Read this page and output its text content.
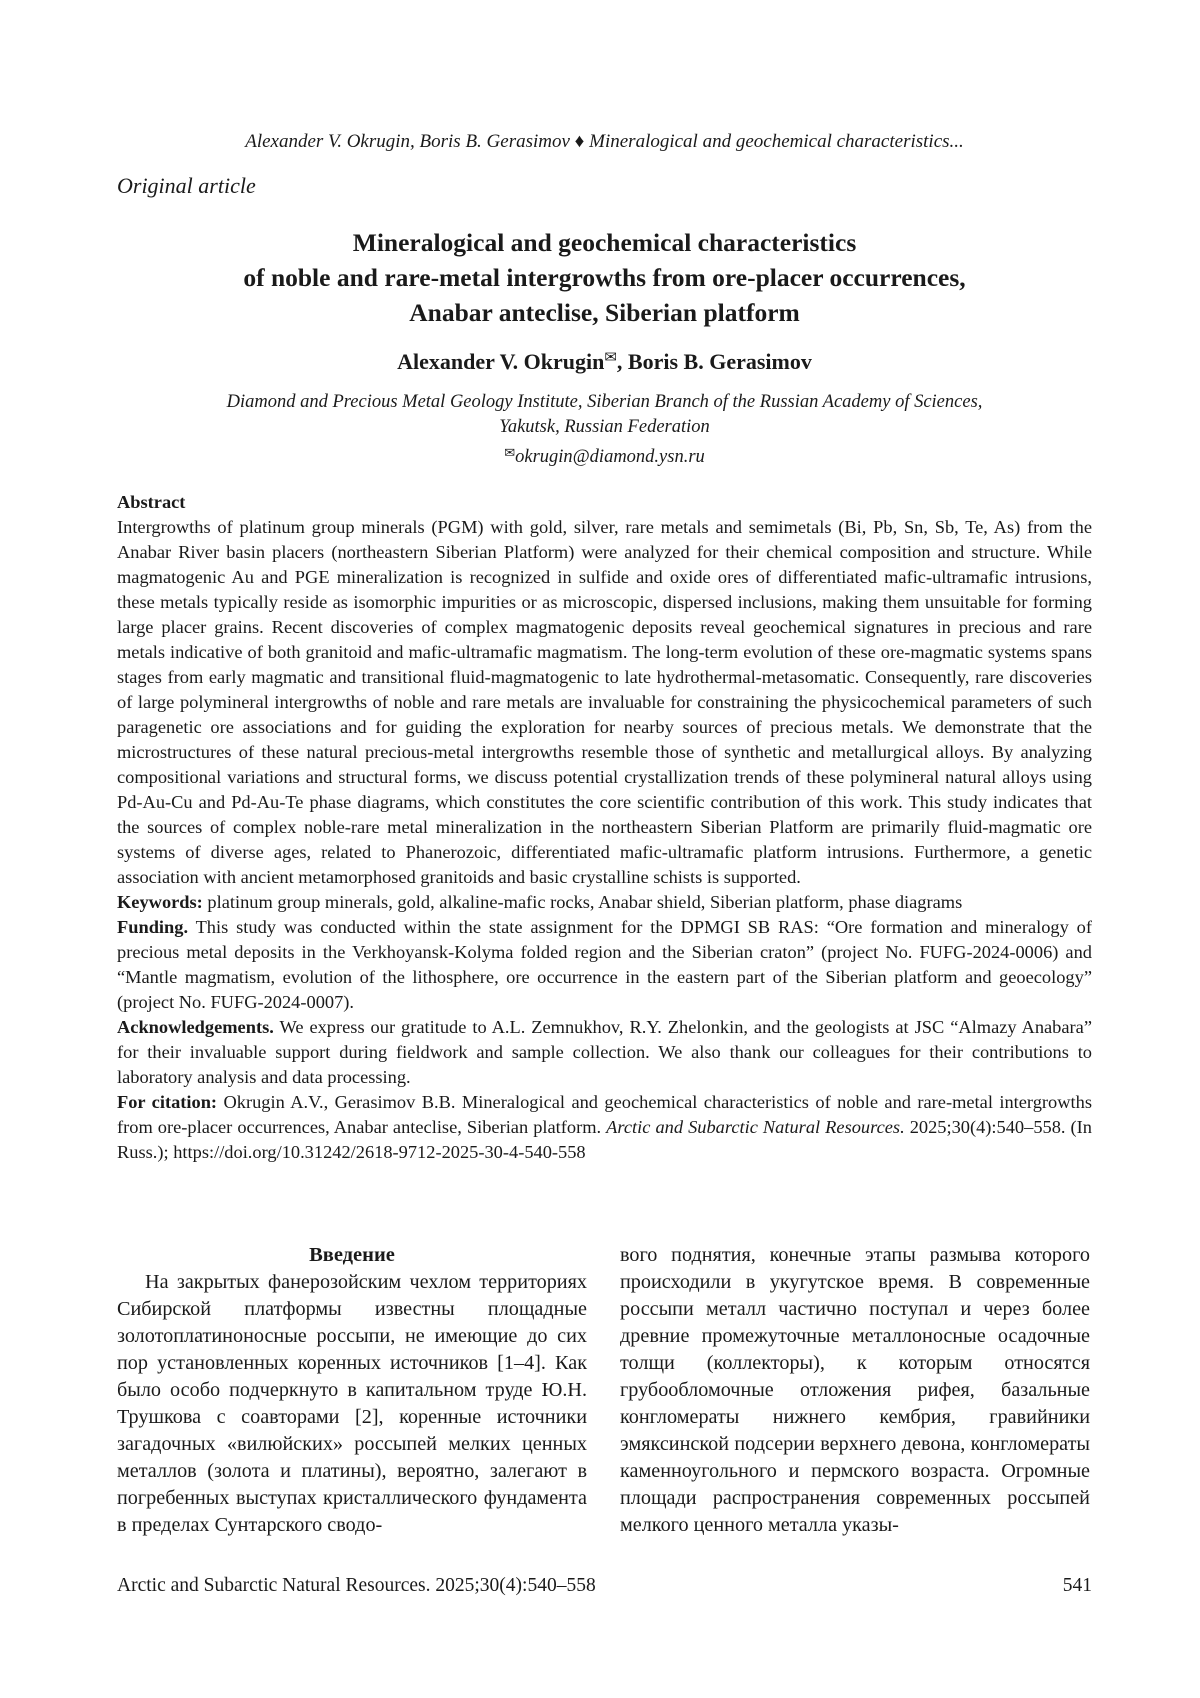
Alexander V. Okrugin, Boris B. Gerasimov ♦ Mineralogical and geochemical characteristics...
Original article
Mineralogical and geochemical characteristics
of noble and rare-metal intergrowths from ore-placer occurrences,
Anabar anteclise, Siberian platform
Alexander V. Okrugin✉, Boris B. Gerasimov
Diamond and Precious Metal Geology Institute, Siberian Branch of the Russian Academy of Sciences,
Yakutsk, Russian Federation
✉okrugin@diamond.ysn.ru

Abstract

Intergrowths of platinum group minerals (PGM) with gold, silver, rare metals and semimetals (Bi, Pb, Sn, Sb, Te, As) from the Anabar River basin placers (northeastern Siberian Platform) were analyzed for their chemical composition and structure. While magmatogenic Au and PGE mineralization is recognized in sulfide and oxide ores of differentiated mafic-ultramafic intrusions, these metals typically reside as isomorphic impurities or as microscopic, dispersed inclusions, making them unsuitable for forming large placer grains. Recent discoveries of complex magmatogenic deposits reveal geochemical signatures in precious and rare metals indicative of both granitoid and mafic-ultramafic magmatism. The long-term evolution of these ore-magmatic systems spans stages from early magmatic and transitional fluid-magmatogenic to late hydrothermal-metasomatic. Consequently, rare discoveries of large polymineral intergrowths of noble and rare metals are invaluable for constraining the physicochemical parameters of such paragenetic ore associations and for guiding the exploration for nearby sources of precious metals. We demonstrate that the microstructures of these natural precious-metal intergrowths resemble those of synthetic and metallurgical alloys. By analyzing compositional variations and structural forms, we discuss potential crystallization trends of these polymineral natural alloys using Pd-Au-Cu and Pd-Au-Te phase diagrams, which constitutes the core scientific contribution of this work. This study indicates that the sources of complex noble-rare metal mineralization in the northeastern Siberian Platform are primarily fluid-magmatic ore systems of diverse ages, related to Phanerozoic, differentiated mafic-ultramafic platform intrusions. Furthermore, a genetic association with ancient metamorphosed granitoids and basic crystalline schists is supported.

Keywords: platinum group minerals, gold, alkaline-mafic rocks, Anabar shield, Siberian platform, phase diagrams

Funding. This study was conducted within the state assignment for the DPMGI SB RAS: “Ore formation and mineralogy of precious metal deposits in the Verkhoyansk-Kolyma folded region and the Siberian craton” (project No. FUFG-2024-0006) and “Mantle magmatism, evolution of the lithosphere, ore occurrence in the eastern part of the Siberian platform and geoecology” (project No. FUFG-2024-0007).

Acknowledgements. We express our gratitude to A.L. Zemnukhov, R.Y. Zhelonkin, and the geologists at JSC “Almazy Anabara” for their invaluable support during fieldwork and sample collection. We also thank our colleagues for their contributions to laboratory analysis and data processing.

For citation: Okrugin A.V., Gerasimov B.B. Mineralogical and geochemical characteristics of noble and rare-metal intergrowths from ore-placer occurrences, Anabar anteclise, Siberian platform. Arctic and Subarctic Natural Resources. 2025;30(4):540–558. (In Russ.); https://doi.org/10.31242/2618-9712-2025-30-4-540-558

Введение

На закрытых фанерозойским чехлом территориях Сибирской платформы известны площадные золотоплатиноносные россыпи, не имеющие до сих пор установленных коренных источников [1–4]. Как было особо подчеркнуто в капитальном труде Ю.Н. Трушкова с соавторами [2], коренные источники загадочных «вилюйских» россыпей мелких ценных металлов (золота и платины), вероятно, залегают в погребенных выступах кристаллического фундамента в пределах Сунтарского сводо-

вого поднятия, конечные этапы размыва которого происходили в укугутское время. В современные россыпи металл частично поступал и через более древние промежуточные металлоносные осадочные толщи (коллекторы), к которым относятся грубообломочные отложения рифея, базальные конгломераты нижнего кембрия, гравийники эмяксинской подсерии верхнего девона, конгломераты каменноугольного и пермского возраста. Огромные площади распространения современных россыпей мелкого ценного металла указы-

Arctic and Subarctic Natural Resources. 2025;30(4):540–558	541
